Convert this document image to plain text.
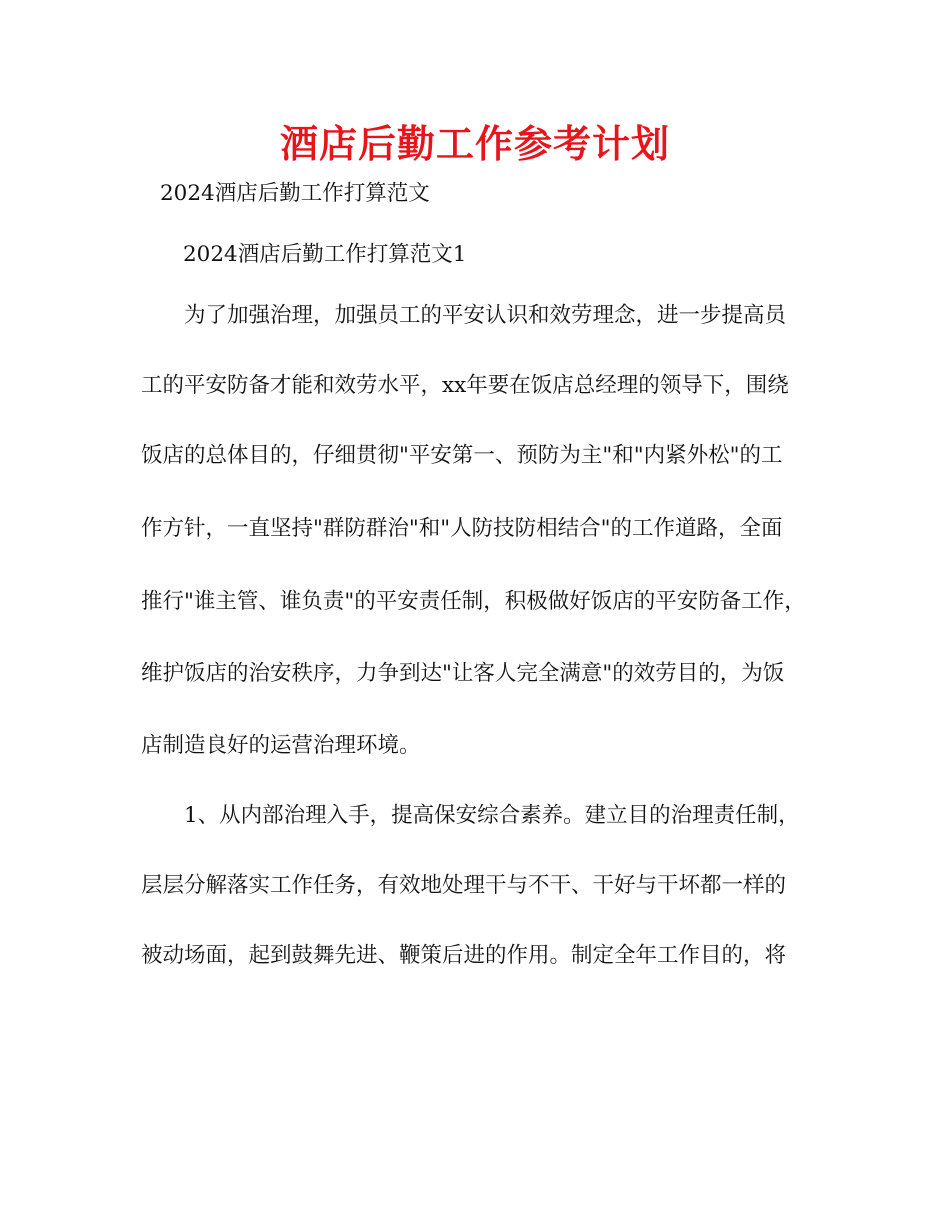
酒店后勤工作参考计划

2024酒店后勤工作打算范文

2024酒店后勤工作打算范文1

　　为了加强治理，加强员工的平安认识和效劳理念，进一步提高员

工的平安防备才能和效劳水平，xx年要在饭店总经理的领导下，围绕

饭店的总体目的，仔细贯彻"平安第一、预防为主"和"内紧外松"的工

作方针，一直坚持"群防群治"和"人防技防相结合"的工作道路，全面

推行"谁主管、谁负责"的平安责任制，积极做好饭店的平安防备工作，

维护饭店的治安秩序，力争到达"让客人完全满意"的效劳目的，为饭

店制造良好的运营治理环境。

　　1、从内部治理入手，提高保安综合素养。建立目的治理责任制，

层层分解落实工作任务，有效地处理干与不干、干好与干坏都一样的

被动场面，起到鼓舞先进、鞭策后进的作用。制定全年工作目的，将
